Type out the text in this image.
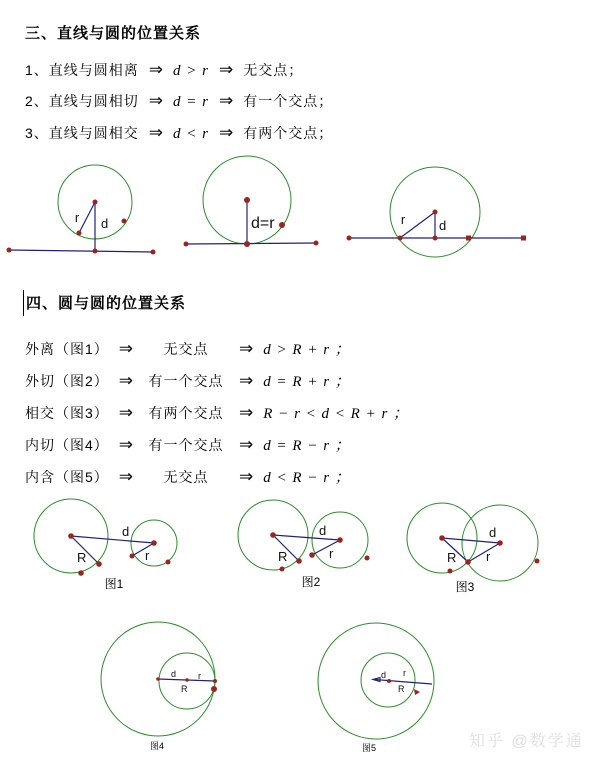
三、直线与圆的位置关系
1、直线与圆相离 ⇒ d > r ⇒ 无交点；
2、直线与圆相切 ⇒ d = r ⇒ 有一个交点；
3、直线与圆相交 ⇒ d < r ⇒ 有两个交点；
r d	d=r	r	d
四、圆与圆的位置关系
外离（图1） ⇒	无交点	⇒ d > R + r ；
外切（图2） ⇒	有一个交点 ⇒ d = R + r ；
相交（图3） ⇒	有两个交点 ⇒ R − r < d < R + r ；
内切（图4） ⇒	有一个交点 ⇒ d = R − r ；
内含（图5） ⇒	无交点	⇒ d < R − r ；
d
R	r
图1
d
R	r
图2
d
R r
图3
d
R
r
图4
d r
R
图5	知乎 @数学通
